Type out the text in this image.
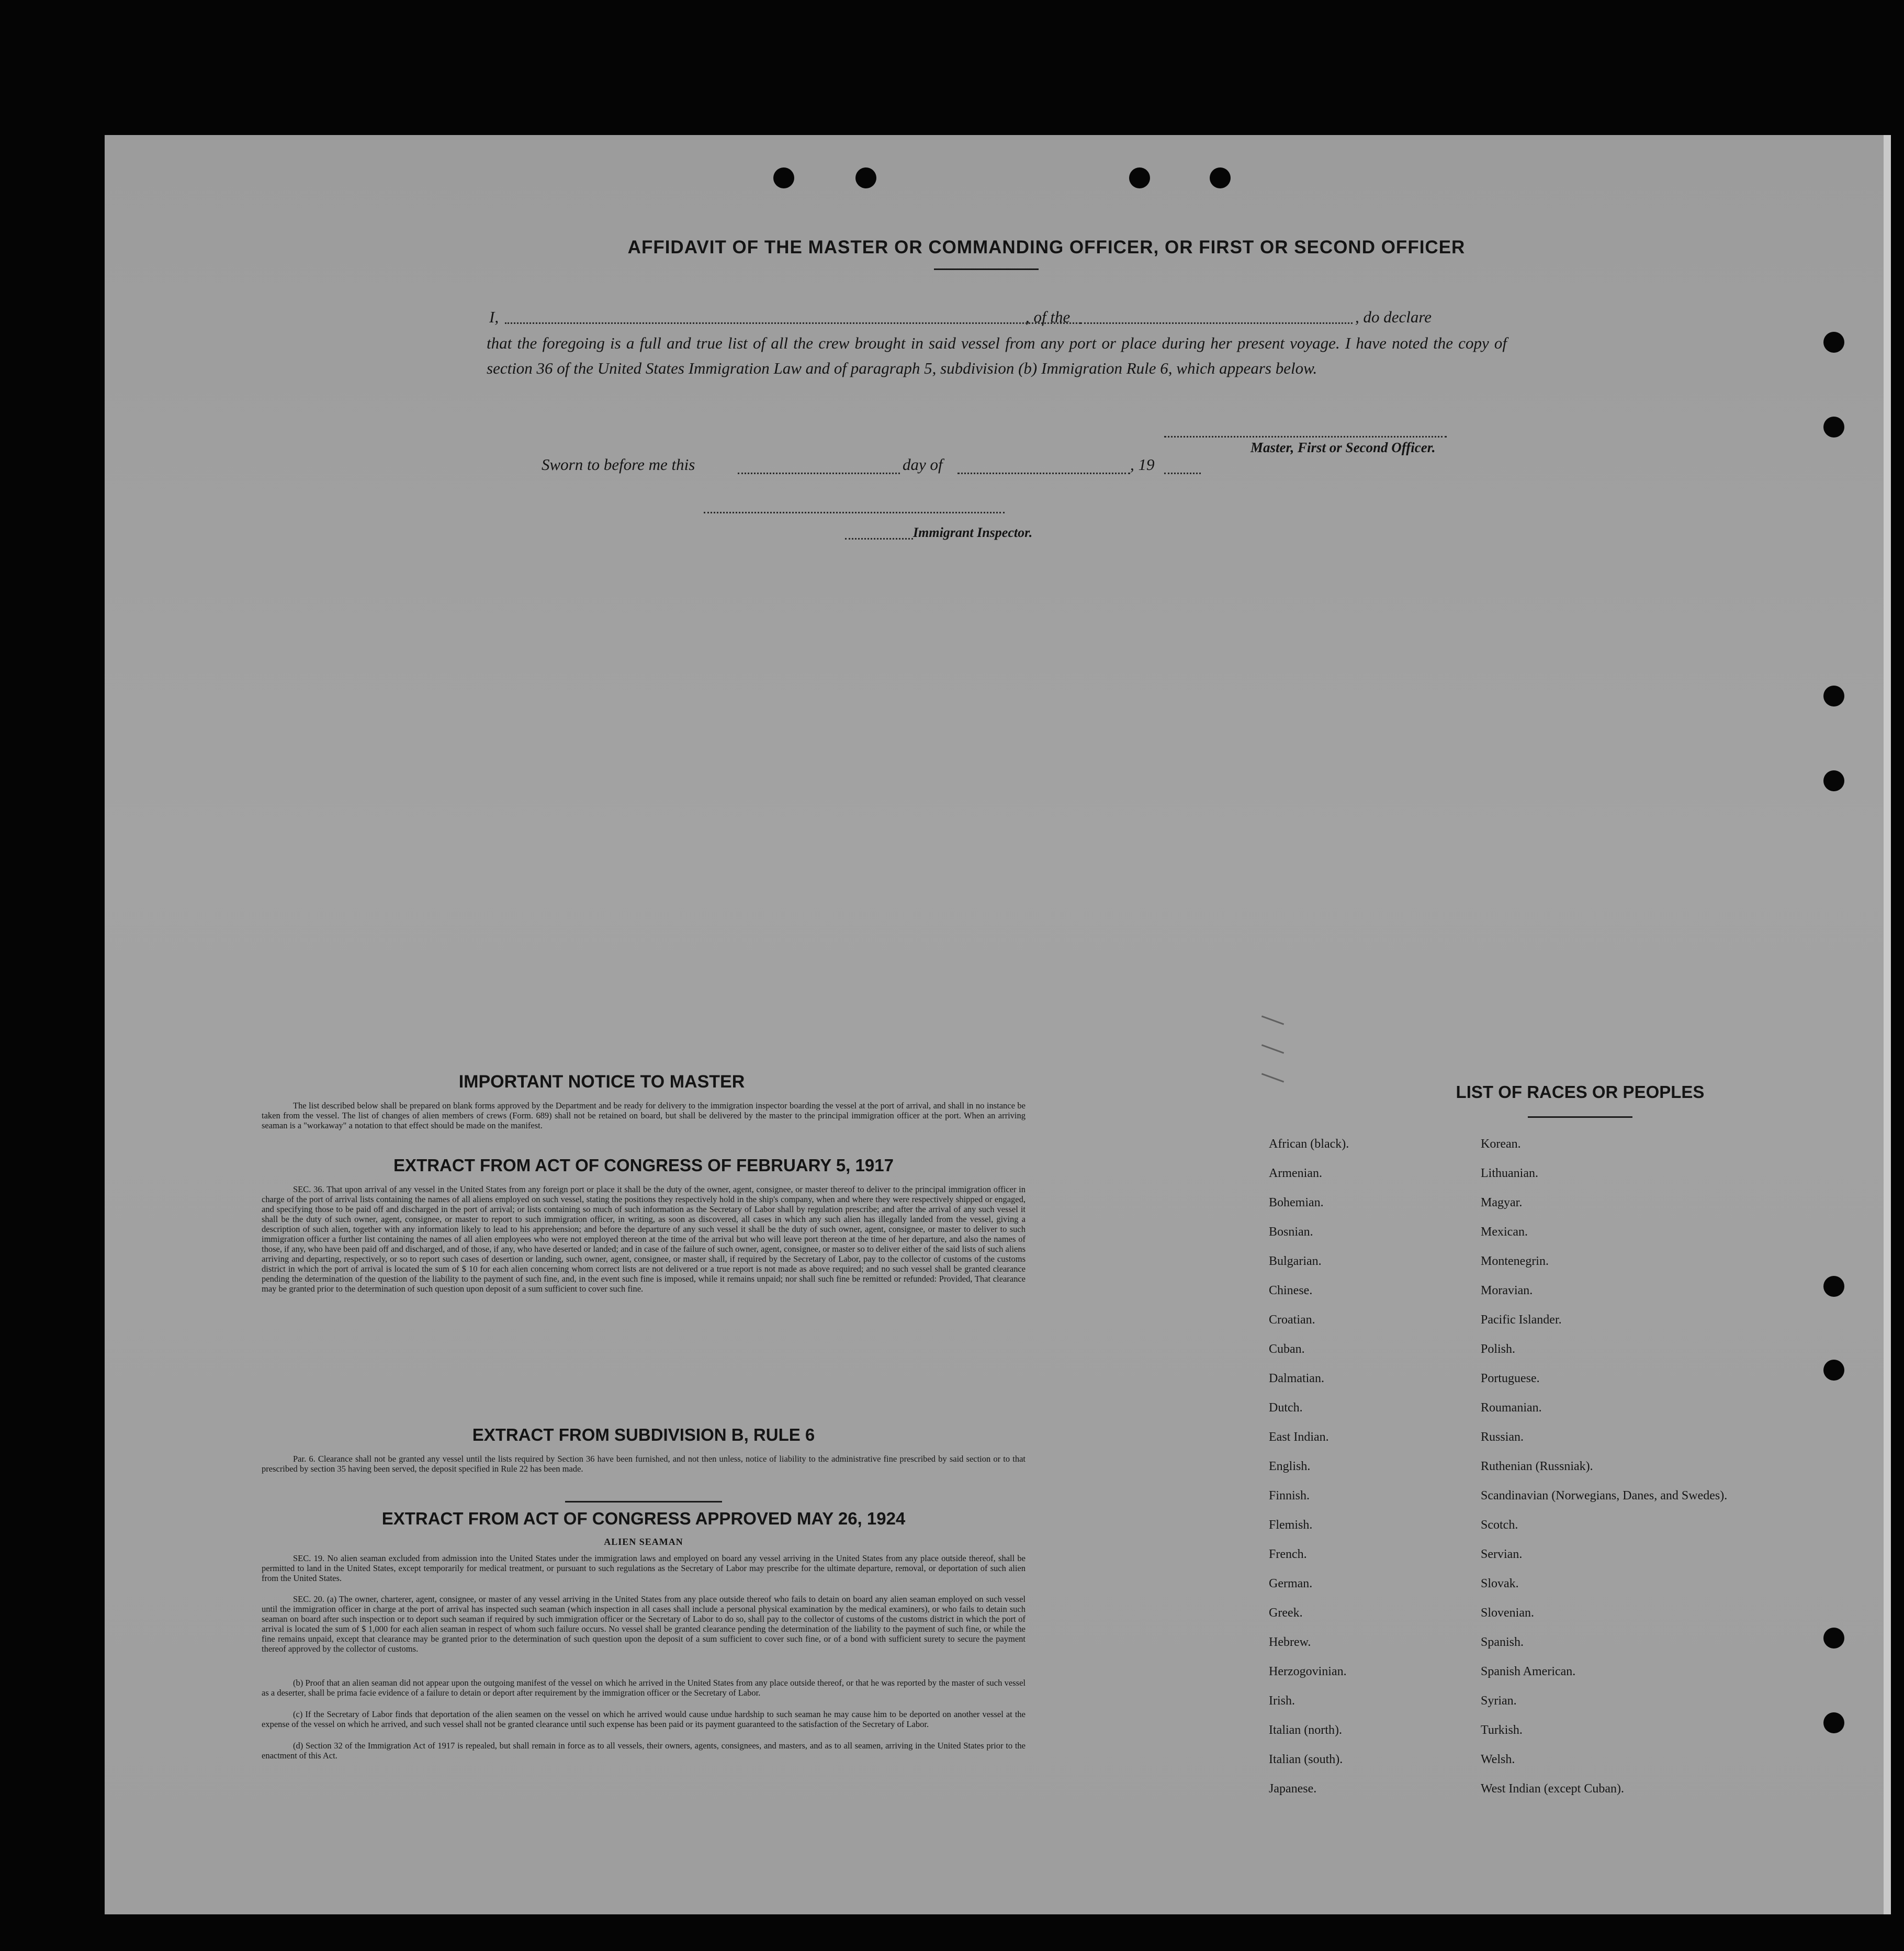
AFFIDAVIT OF THE MASTER OR COMMANDING OFFICER, OR FIRST OR SECOND OFFICER
I,	, of the	, do declare
that the foregoing is a full and true list of all the crew brought in said vessel from any port or place during her present voyage. I have noted the copy of section 36 of the United States Immigration Law and of paragraph 5, subdivision (b) Immigration Rule 6, which appears below.
Master, First or Second Officer.
Sworn to before me this	day of	, 19
Immigrant Inspector.
IMPORTANT NOTICE TO MASTER
The list described below shall be prepared on blank forms approved by the Department and be ready for delivery to the immigration inspector boarding the vessel at the port of arrival, and shall in no instance be taken from the vessel. The list of changes of alien members of crews (Form. 689) shall not be retained on board, but shall be delivered by the master to the principal immigration officer at the port. When an arriving seaman is a "workaway" a notation to that effect should be made on the manifest.
EXTRACT FROM ACT OF CONGRESS OF FEBRUARY 5, 1917
SEC. 36. That upon arrival of any vessel in the United States from any foreign port or place it shall be the duty of the owner, agent, consignee, or master thereof to deliver to the principal immigration officer in charge of the port of arrival lists containing the names of all aliens employed on such vessel, stating the positions they respectively hold in the ship's company, when and where they were respectively shipped or engaged, and specifying those to be paid off and discharged in the port of arrival; or lists containing so much of such information as the Secretary of Labor shall by regulation prescribe; and after the arrival of any such vessel it shall be the duty of such owner, agent, consignee, or master to report to such immigration officer, in writing, as soon as discovered, all cases in which any such alien has illegally landed from the vessel, giving a description of such alien, together with any information likely to lead to his apprehension; and before the departure of any such vessel it shall be the duty of such owner, agent, consignee, or master to deliver to such immigration officer a further list containing the names of all alien employees who were not employed thereon at the time of the arrival but who will leave port thereon at the time of her departure, and also the names of those, if any, who have been paid off and discharged, and of those, if any, who have deserted or landed; and in case of the failure of such owner, agent, consignee, or master so to deliver either of the said lists of such aliens arriving and departing, respectively, or so to report such cases of desertion or landing, such owner, agent, consignee, or master shall, if required by the Secretary of Labor, pay to the collector of customs of the customs district in which the port of arrival is located the sum of $ 10 for each alien concerning whom correct lists are not delivered or a true report is not made as above required; and no such vessel shall be granted clearance pending the determination of the question of the liability to the payment of such fine, and, in the event such fine is imposed, while it remains unpaid; nor shall such fine be remitted or refunded: Provided, That clearance may be granted prior to the determination of such question upon deposit of a sum sufficient to cover such fine.
EXTRACT FROM SUBDIVISION B, RULE 6
Par. 6. Clearance shall not be granted any vessel until the lists required by Section 36 have been furnished, and not then unless, notice of liability to the administrative fine prescribed by said section or to that prescribed by section 35 having been served, the deposit specified in Rule 22 has been made.
EXTRACT FROM ACT OF CONGRESS APPROVED MAY 26, 1924
ALIEN SEAMAN
SEC. 19. No alien seaman excluded from admission into the United States under the immigration laws and employed on board any vessel arriving in the United States from any place outside thereof, shall be permitted to land in the United States, except temporarily for medical treatment, or pursuant to such regulations as the Secretary of Labor may prescribe for the ultimate departure, removal, or deportation of such alien from the United States.
SEC. 20. (a) The owner, charterer, agent, consignee, or master of any vessel arriving in the United States from any place outside thereof who fails to detain on board any alien seaman employed on such vessel until the immigration officer in charge at the port of arrival has inspected such seaman (which inspection in all cases shall include a personal physical examination by the medical examiners), or who fails to detain such seaman on board after such inspection or to deport such seaman if required by such immigration officer or the Secretary of Labor to do so, shall pay to the collector of customs of the customs district in which the port of arrival is located the sum of $ 1,000 for each alien seaman in respect of whom such failure occurs. No vessel shall be granted clearance pending the determination of the liability to the payment of such fine, or while the fine remains unpaid, except that clearance may be granted prior to the determination of such question upon the deposit of a sum sufficient to cover such fine, or of a bond with sufficient surety to secure the payment thereof approved by the collector of customs.
(b) Proof that an alien seaman did not appear upon the outgoing manifest of the vessel on which he arrived in the United States from any place outside thereof, or that he was reported by the master of such vessel as a deserter, shall be prima facie evidence of a failure to detain or deport after requirement by the immigration officer or the Secretary of Labor.
(c) If the Secretary of Labor finds that deportation of the alien seamen on the vessel on which he arrived would cause undue hardship to such seaman he may cause him to be deported on another vessel at the expense of the vessel on which he arrived, and such vessel shall not be granted clearance until such expense has been paid or its payment guaranteed to the satisfaction of the Secretary of Labor.
(d) Section 32 of the Immigration Act of 1917 is repealed, but shall remain in force as to all vessels, their owners, agents, consignees, and masters, and as to all seamen, arriving in the United States prior to the enactment of this Act.
LIST OF RACES OR PEOPLES
African (black).
Armenian.
Bohemian.
Bosnian.
Bulgarian.
Chinese.
Croatian.
Cuban.
Dalmatian.
Dutch.
East Indian.
English.
Finnish.
Flemish.
French.
German.
Greek.
Hebrew.
Herzogovinian.
Irish.
Italian (north).
Italian (south).
Japanese.
Korean.
Lithuanian.
Magyar.
Mexican.
Montenegrin.
Moravian.
Pacific Islander.
Polish.
Portuguese.
Roumanian.
Russian.
Ruthenian (Russniak).
Scandinavian (Norwegians, Danes, and Swedes).
Scotch.
Servian.
Slovak.
Slovenian.
Spanish.
Spanish American.
Syrian.
Turkish.
Welsh.
West Indian (except Cuban).
